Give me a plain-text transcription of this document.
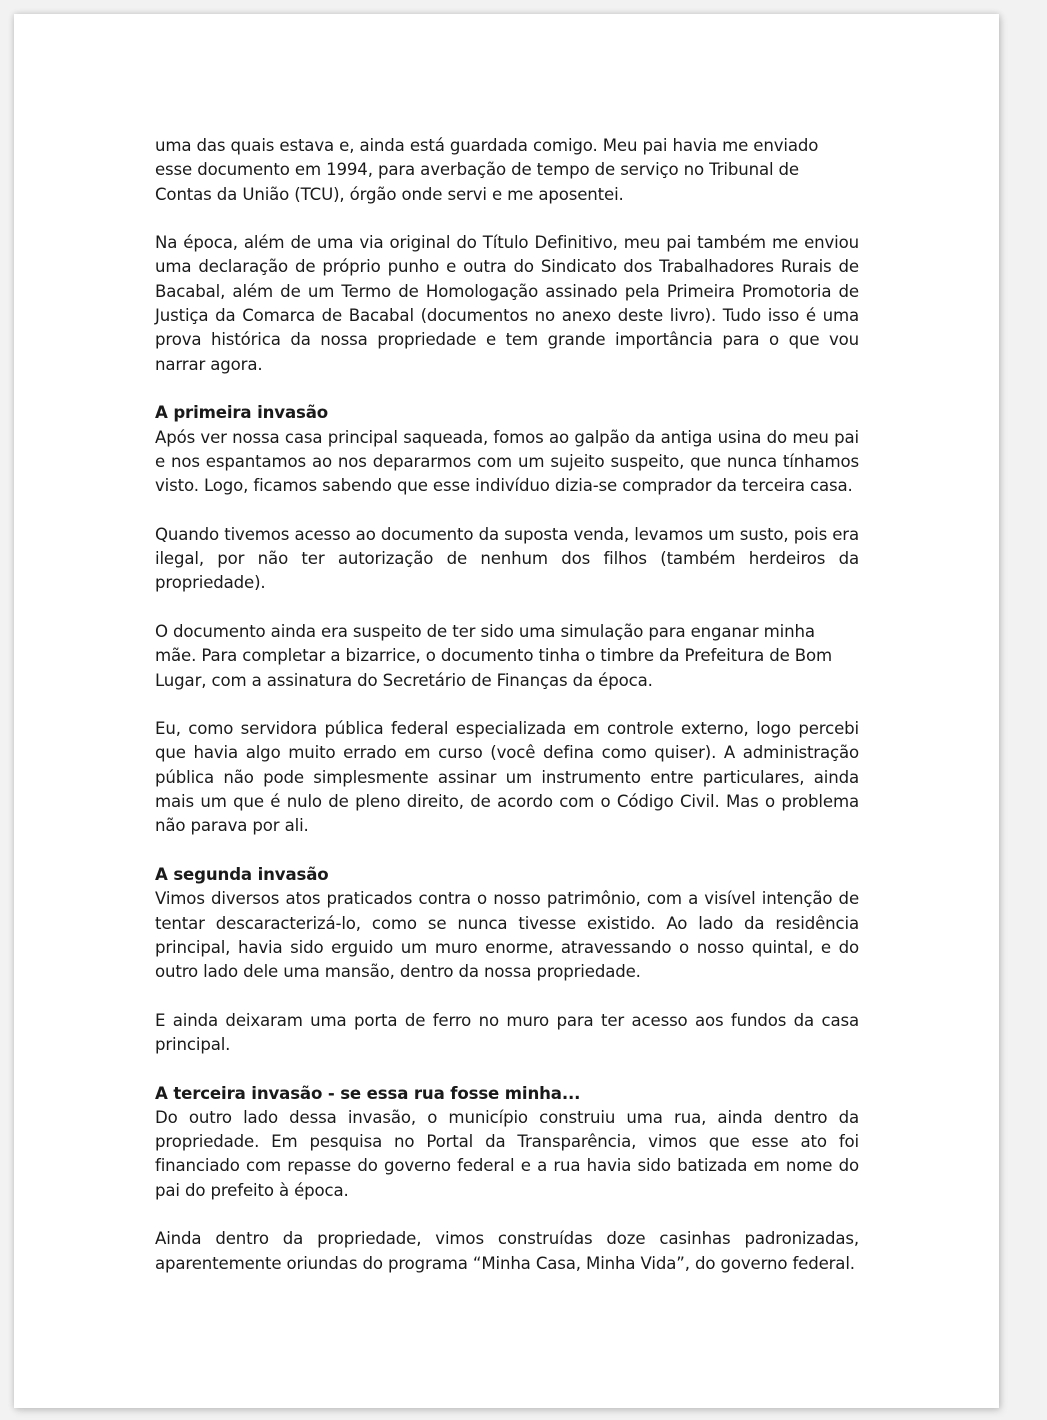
uma das quais estava e, ainda está guardada comigo. Meu pai havia me enviado esse documento em 1994, para averbação de tempo de serviço no Tribunal de Contas da União (TCU), órgão onde servi e me aposentei.

Na época, além de uma via original do Título Definitivo, meu pai também me enviou uma declaração de próprio punho e outra do Sindicato dos Trabalhadores Rurais de Bacabal, além de um Termo de Homologação assinado pela Primeira Promotoria de Justiça da Comarca de Bacabal (documentos no anexo deste livro). Tudo isso é uma prova histórica da nossa propriedade e tem grande importância para o que vou narrar agora.

A primeira invasão

Após ver nossa casa principal saqueada, fomos ao galpão da antiga usina do meu pai e nos espantamos ao nos depararmos com um sujeito suspeito, que nunca tínhamos visto. Logo, ficamos sabendo que esse indivíduo dizia-se comprador da terceira casa.

Quando tivemos acesso ao documento da suposta venda, levamos um susto, pois era ilegal, por não ter autorização de nenhum dos filhos (também herdeiros da propriedade).

O documento ainda era suspeito de ter sido uma simulação para enganar minha mãe. Para completar a bizarrice, o documento tinha o timbre da Prefeitura de Bom Lugar, com a assinatura do Secretário de Finanças da época.

Eu, como servidora pública federal especializada em controle externo, logo percebi que havia algo muito errado em curso (você defina como quiser). A administração pública não pode simplesmente assinar um instrumento entre particulares, ainda mais um que é nulo de pleno direito, de acordo com o Código Civil. Mas o problema não parava por ali.

A segunda invasão

Vimos diversos atos praticados contra o nosso patrimônio, com a visível intenção de tentar descaracterizá-lo, como se nunca tivesse existido. Ao lado da residência principal, havia sido erguido um muro enorme, atravessando o nosso quintal, e do outro lado dele uma mansão, dentro da nossa propriedade.

E ainda deixaram uma porta de ferro no muro para ter acesso aos fundos da casa principal.

A terceira invasão - se essa rua fosse minha...

Do outro lado dessa invasão, o município construiu uma rua, ainda dentro da propriedade. Em pesquisa no Portal da Transparência, vimos que esse ato foi financiado com repasse do governo federal e a rua havia sido batizada em nome do pai do prefeito à época.

Ainda dentro da propriedade, vimos construídas doze casinhas padronizadas, aparentemente oriundas do programa “Minha Casa, Minha Vida”, do governo federal.
